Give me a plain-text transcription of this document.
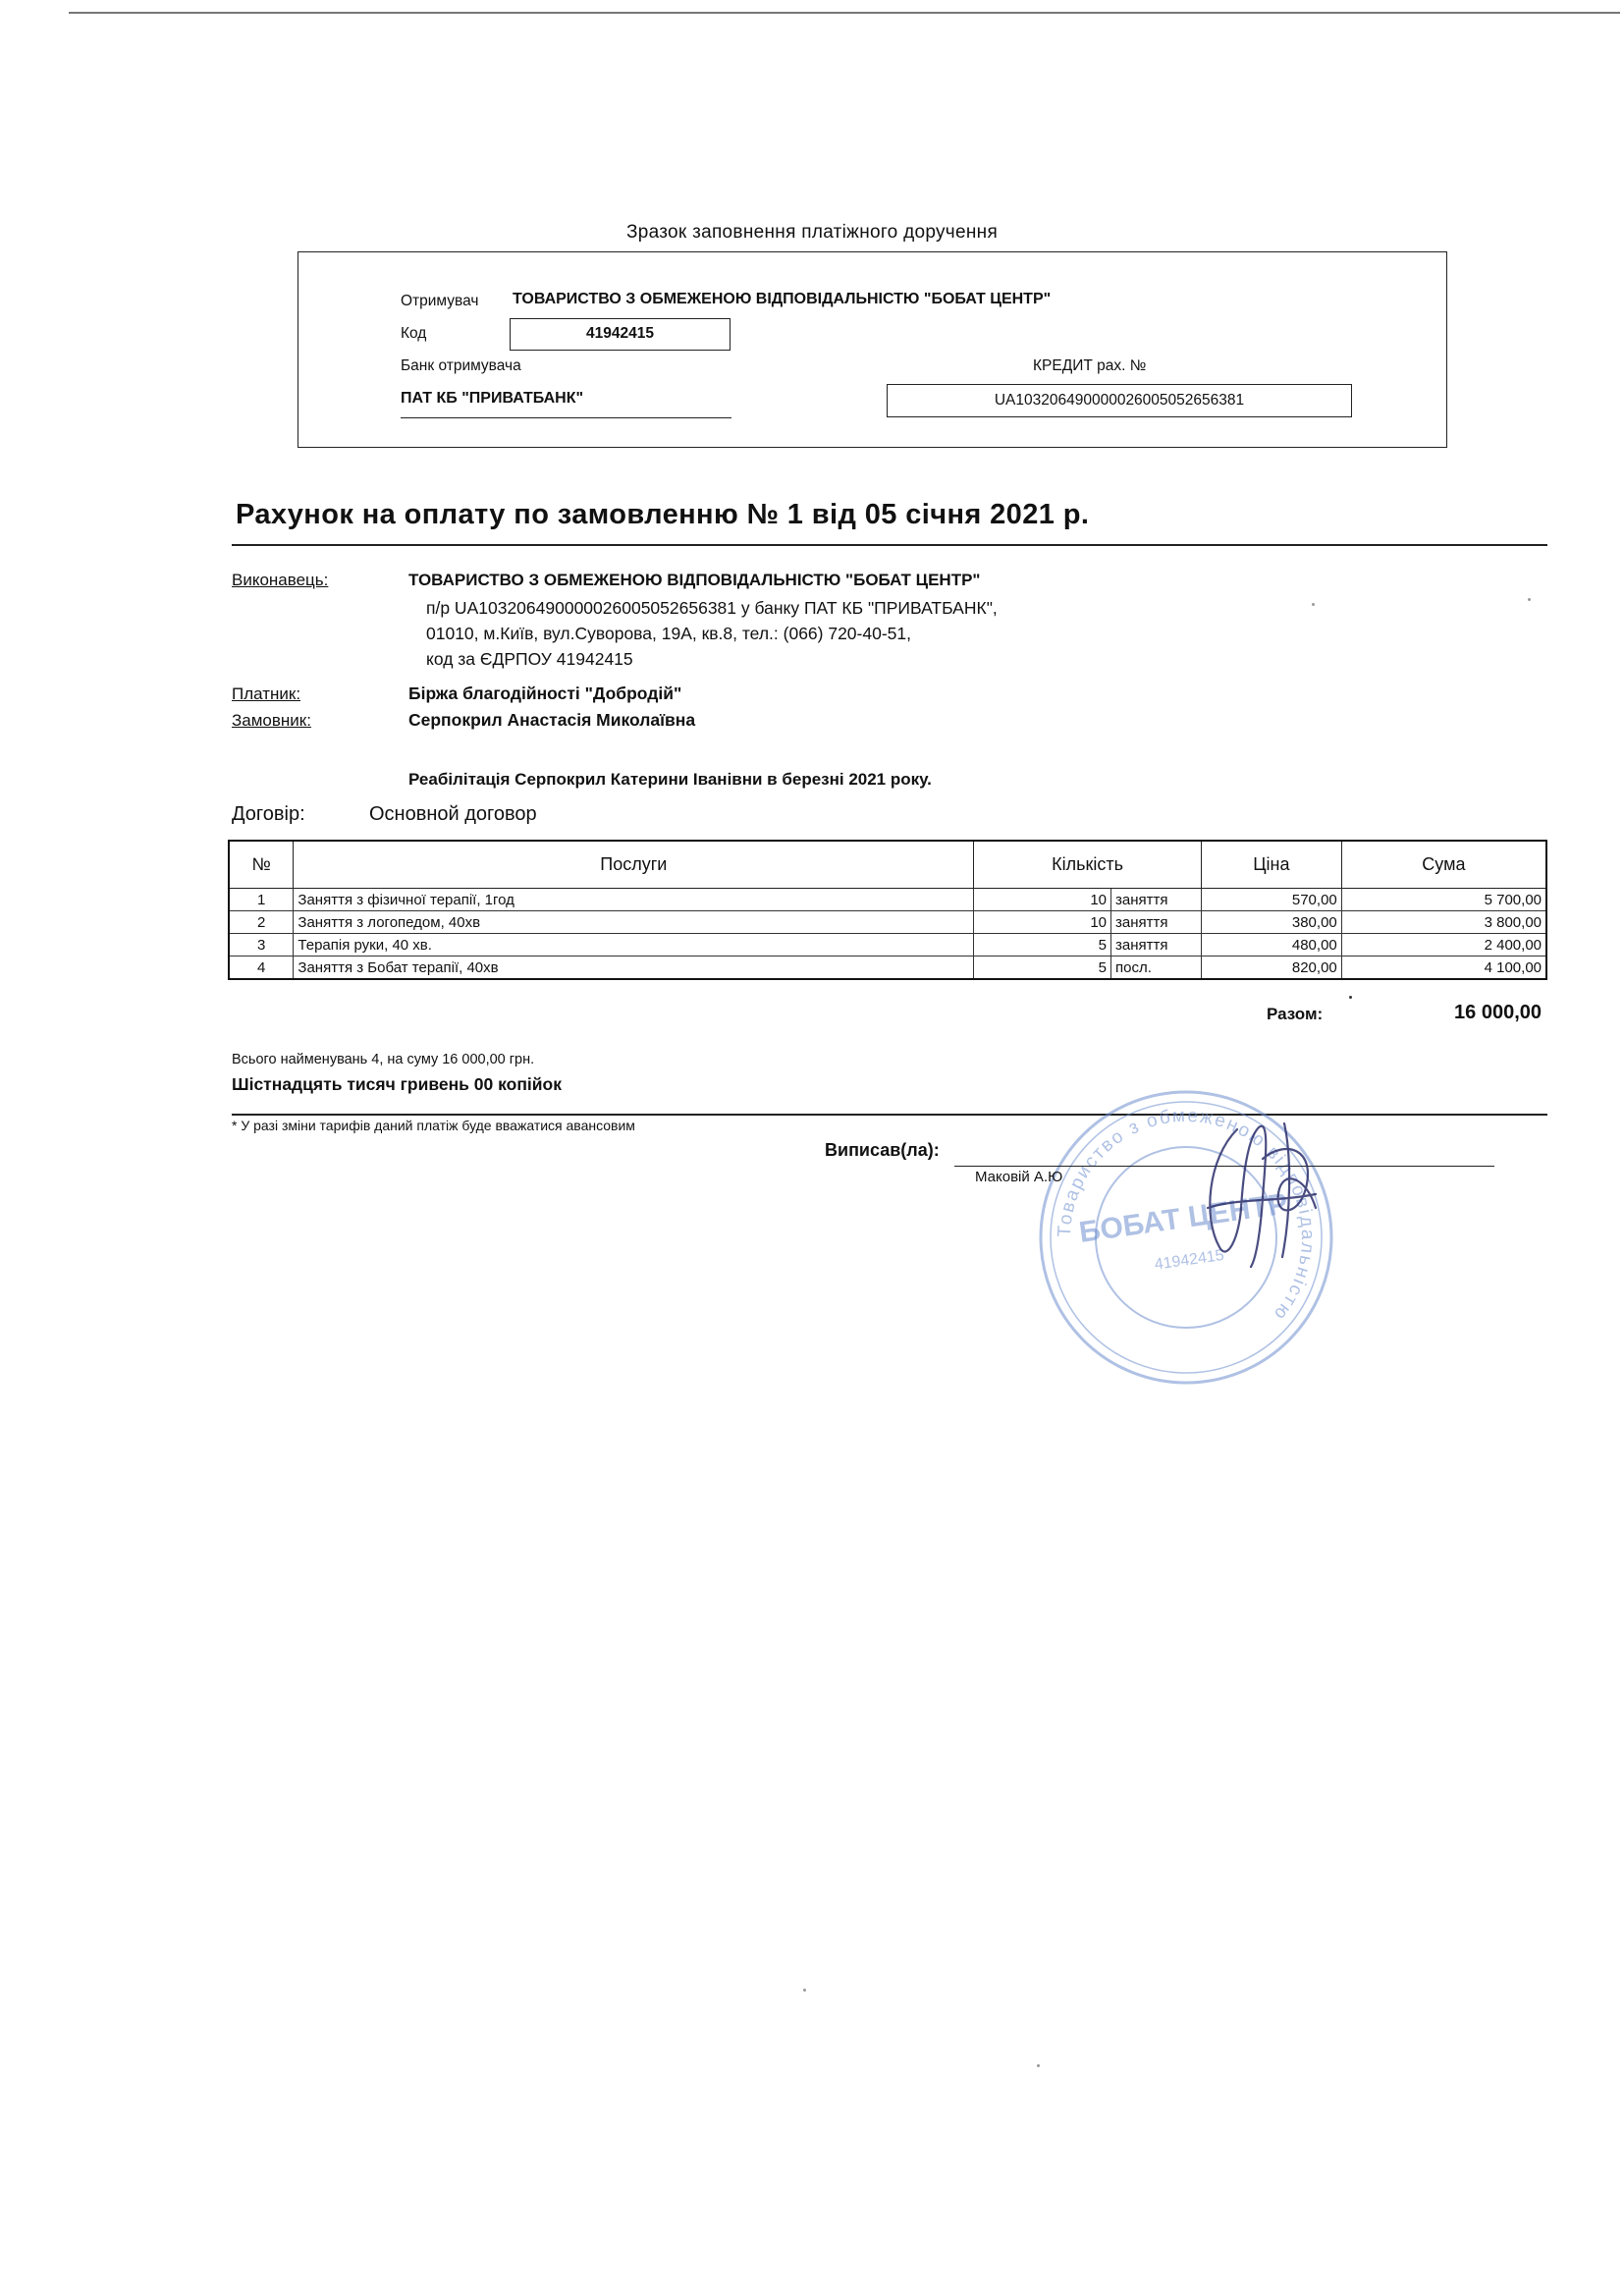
Зразок заповнення платіжного доручення
Отримувач ТОВАРИСТВО З ОБМЕЖЕНОЮ ВІДПОВІДАЛЬНІСТЮ "БОБАТ ЦЕНТР"
Код	41942415
Банк отримувача
ПАТ КБ "ПРИВАТБАНК"
КРЕДИТ рах. №
UA103206490000026005052656381
Рахунок на оплату по замовленню № 1 від 05 січня 2021 р.
Виконавець:	ТОВАРИСТВО З ОБМЕЖЕНОЮ ВІДПОВІДАЛЬНІСТЮ "БОБАТ ЦЕНТР"
п/р UA103206490000026005052656381 у банку ПАТ КБ "ПРИВАТБАНК",
01010, м.Київ, вул.Суворова, 19А, кв.8, тел.: (066) 720-40-51,
код за ЄДРПОУ 41942415
Платник:	Біржа благодійності "Добродій"
Замовник:	Серпокрил Анастасія Миколаївна
Реабілітація Серпокрил Катерини Іванівни в березні 2021 року.
Договір:	Основной договор
№	Послуги	Кількість		Ціна	Сума
1	Заняття з фізичної терапії, 1год	10	заняття	570,00	5 700,00
2	Заняття з логопедом, 40хв	10	заняття	380,00	3 800,00
3	Терапія руки, 40 хв.	5	заняття	480,00	2 400,00
4	Заняття з Бобат терапії, 40хв	5	посл.	820,00	4 100,00
Разом:	16 000,00
Всього найменувань 4, на суму 16 000,00 грн.
Шістнадцять тисяч гривень 00 копійок
* У разі зміни тарифів даний платіж буде вважатися авансовим
Товариство з обмеженою відповідальністю
БОБАТ ЦЕНТР
41942415
Виписав(ла):
Маковій А.Ю
